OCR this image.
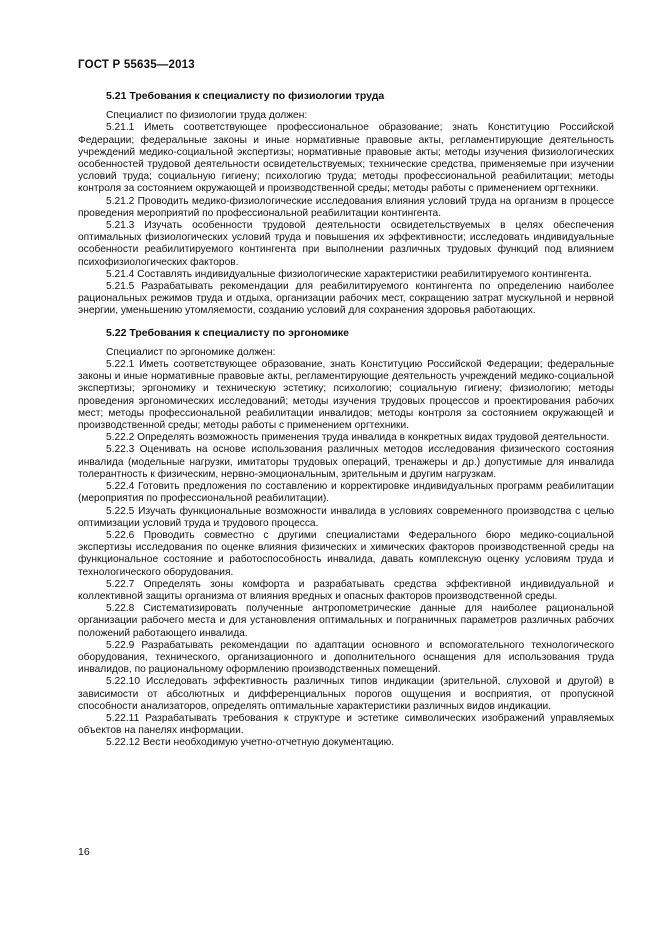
ГОСТ Р 55635—2013
5.21 Требования к специалисту по физиологии труда

Специалист по физиологии труда должен:

5.21.1 Иметь соответствующее профессиональное образование; знать Конституцию Российской Федерации; федеральные законы и иные нормативные правовые акты, регламентирующие деятельность учреждений медико-социальной экспертизы; нормативные правовые акты; методы изучения физиологических особенностей трудовой деятельности освидетельствуемых; технические средства, применяемые при изучении условий труда; социальную гигиену; психологию труда; методы профессиональной реабилитации; методы контроля за состоянием окружающей и производственной среды; методы работы с применением оргтехники.

5.21.2 Проводить медико-физиологические исследования влияния условий труда на организм в процессе проведения мероприятий по профессиональной реабилитации контингента.

5.21.3 Изучать особенности трудовой деятельности освидетельствуемых в целях обеспечения оптимальных физиологических условий труда и повышения их эффективности; исследовать индивидуальные особенности реабилитируемого контингента при выполнении различных трудовых функций под влиянием психофизиологических факторов.

5.21.4 Составлять индивидуальные физиологические характеристики реабилитируемого контингента.

5.21.5 Разрабатывать рекомендации для реабилитируемого контингента по определению наиболее рациональных режимов труда и отдыха, организации рабочих мест, сокращению затрат мускульной и нервной энергии, уменьшению утомляемости, созданию условий для сохранения здоровья работающих.

5.22 Требования к специалисту по эргономике

Специалист по эргономике должен:

5.22.1 Иметь соответствующее образование, знать Конституцию Российской Федерации; федеральные законы и иные нормативные правовые акты, регламентирующие деятельность учреждений медико-социальной экспертизы; эргономику и техническую эстетику; психологию; социальную гигиену; физиологию; методы проведения эргономических исследований; методы изучения трудовых процессов и проектирования рабочих мест; методы профессиональной реабилитации инвалидов; методы контроля за состоянием окружающей и производственной среды; методы работы с применением оргтехники.

5.22.2 Определять возможность применения труда инвалида в конкретных видах трудовой деятельности.

5.22.3 Оценивать на основе использования различных методов исследования физического состояния инвалида (модельные нагрузки, имитаторы трудовых операций, тренажеры и др.) допустимые для инвалида толерантность к физическим, нервно-эмоциональным, зрительным и другим нагрузкам.

5.22.4 Готовить предложения по составлению и корректировке индивидуальных программ реабилитации (мероприятия по профессиональной реабилитации).

5.22.5 Изучать функциональные возможности инвалида в условиях современного производства с целью оптимизации условий труда и трудового процесса.

5.22.6 Проводить совместно с другими специалистами Федерального бюро медико-социальной экспертизы исследования по оценке влияния физических и химических факторов производственной среды на функциональное состояние и работоспособность инвалида, давать комплексную оценку условиям труда и технологического оборудования.

5.22.7 Определять зоны комфорта и разрабатывать средства эффективной индивидуальной и коллективной защиты организма от влияния вредных и опасных факторов производственной среды.

5.22.8 Систематизировать полученные антропометрические данные для наиболее рациональной организации рабочего места и для установления оптимальных и пограничных параметров различных рабочих положений работающего инвалида.

5.22.9 Разрабатывать рекомендации по адаптации основного и вспомогательного технологического оборудования, технического, организационного и дополнительного оснащения для использования труда инвалидов, по рациональному оформлению производственных помещений.

5.22.10 Исследовать эффективность различных типов индикации (зрительной, слуховой и другой) в зависимости от абсолютных и дифференциальных порогов ощущения и восприятия, от пропускной способности анализаторов, определять оптимальные характеристики различных видов индикации.

5.22.11 Разрабатывать требования к структуре и эстетике символических изображений управляемых объектов на панелях информации.

5.22.12 Вести необходимую учетно-отчетную документацию.

16
